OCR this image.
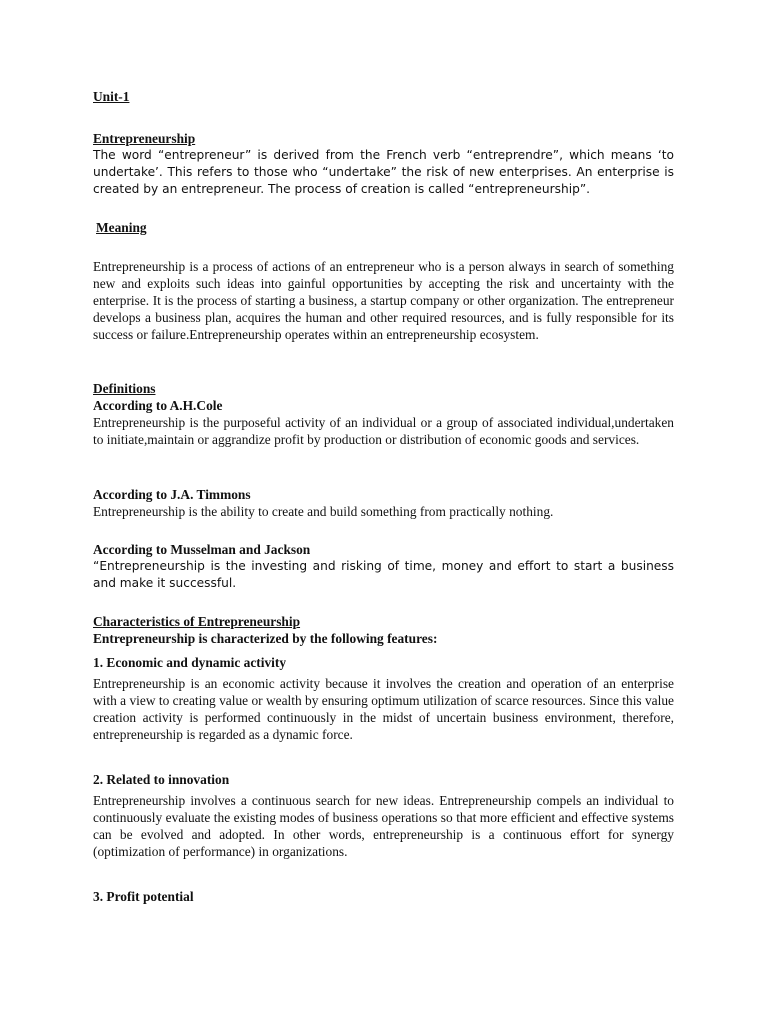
Unit-1
Entrepreneurship

The word “entrepreneur” is derived from the French verb “entreprendre”, which means ‘to undertake’. This refers to those who “undertake” the risk of new enterprises. An enterprise is created by an entrepreneur. The process of creation is called “entrepreneurship”.

Meaning

Entrepreneurship is a process of actions of an entrepreneur who is a person always in search of something new and exploits such ideas into gainful opportunities by accepting the risk and uncertainty with the enterprise. It is the process of starting a business, a startup company or other organization. The entrepreneur develops a business plan, acquires the human and other required resources, and is fully responsible for its success or failure.Entrepreneurship operates within an entrepreneurship ecosystem.

Definitions
According to A.H.Cole

Entrepreneurship is the purposeful activity of an individual or a group of associated individual,undertaken to initiate,maintain or aggrandize profit by production or distribution of economic goods and services.

According to J.A. Timmons

Entrepreneurship is the ability to create and build something from practically nothing.

According to Musselman and Jackson

“Entrepreneurship is the investing and risking of time, money and effort to start a business and make it successful.

Characteristics of Entrepreneurship
Entrepreneurship is characterized by the following features:
1. Economic and dynamic activity

Entrepreneurship is an economic activity because it involves the creation and operation of an enterprise with a view to creating value or wealth by ensuring optimum utilization of scarce resources. Since this value creation activity is performed continuously in the midst of uncertain business environment, therefore, entrepreneurship is regarded as a dynamic force.

2. Related to innovation

Entrepreneurship involves a continuous search for new ideas. Entrepreneurship compels an individual to continuously evaluate the existing modes of business operations so that more efficient and effective systems can be evolved and adopted. In other words, entrepreneurship is a continuous effort for synergy (optimization of performance) in organizations.

3. Profit potential
